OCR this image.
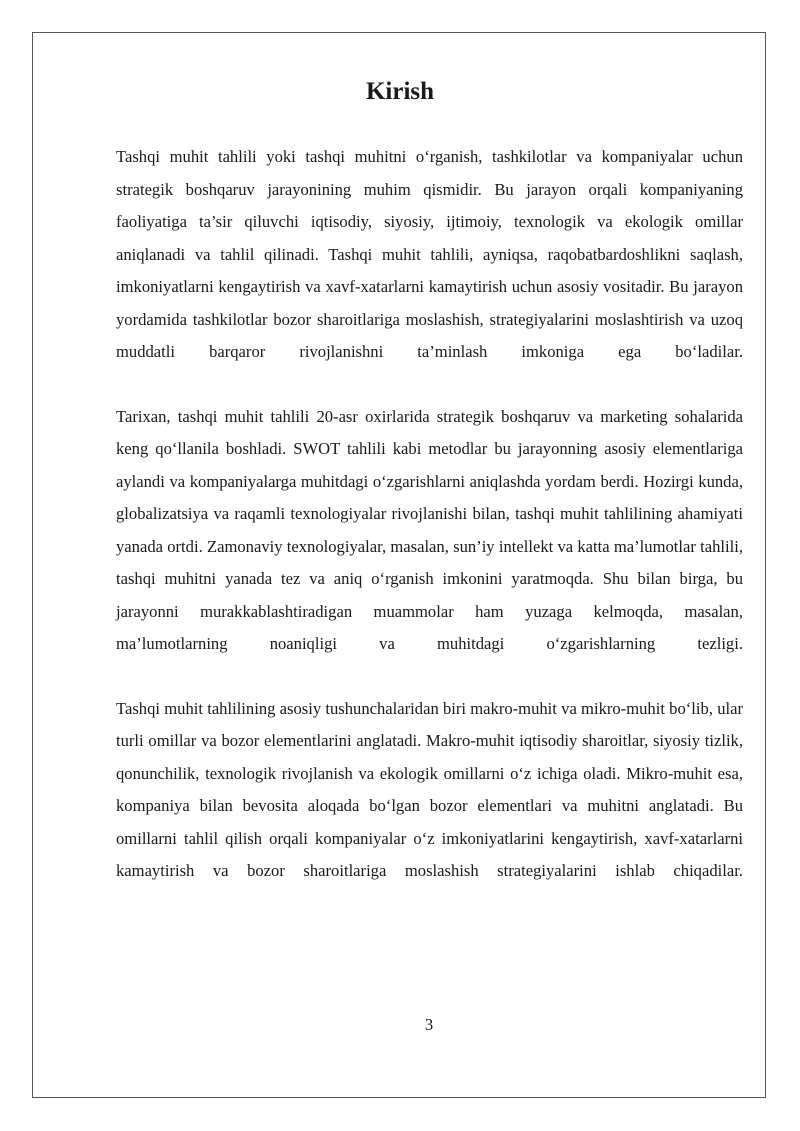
Kirish

Tashqi muhit tahlili yoki tashqi muhitni o‘rganish, tashkilotlar va kompaniyalar uchun strategik boshqaruv jarayonining muhim qismidir. Bu jarayon orqali kompaniyaning faoliyatiga ta’sir qiluvchi iqtisodiy, siyosiy, ijtimoiy, texnologik va ekologik omillar aniqlanadi va tahlil qilinadi. Tashqi muhit tahlili, ayniqsa, raqobatbardoshlikni saqlash, imkoniyatlarni kengaytirish va xavf-xatarlarni kamaytirish uchun asosiy vositadir. Bu jarayon yordamida tashkilotlar bozor sharoitlariga moslashish, strategiyalarini moslashtirish va uzoq muddatli barqaror rivojlanishni ta’minlash imkoniga ega bo‘ladilar.

Tarixan, tashqi muhit tahlili 20-asr oxirlarida strategik boshqaruv va marketing sohalarida keng qo‘llanila boshladi. SWOT tahlili kabi metodlar bu jarayonning asosiy elementlariga aylandi va kompaniyalarga muhitdagi o‘zgarishlarni aniqlashda yordam berdi. Hozirgi kunda, globalizatsiya va raqamli texnologiyalar rivojlanishi bilan, tashqi muhit tahlilining ahamiyati yanada ortdi. Zamonaviy texnologiyalar, masalan, sun’iy intellekt va katta ma’lumotlar tahlili, tashqi muhitni yanada tez va aniq o‘rganish imkonini yaratmoqda. Shu bilan birga, bu jarayonni murakkablashtiradigan muammolar ham yuzaga kelmoqda, masalan, ma’lumotlarning noaniqligi va muhitdagi o‘zgarishlarning tezligi.

Tashqi muhit tahlilining asosiy tushunchalaridan biri makro-muhit va mikro-muhit bo‘lib, ular turli omillar va bozor elementlarini anglatadi. Makro-muhit iqtisodiy sharoitlar, siyosiy tizlik, qonunchilik, texnologik rivojlanish va ekologik omillarni o‘z ichiga oladi. Mikro-muhit esa, kompaniya bilan bevosita aloqada bo‘lgan bozor elementlari va muhitni anglatadi. Bu omillarni tahlil qilish orqali kompaniyalar o‘z imkoniyatlarini kengaytirish, xavf-xatarlarni kamaytirish va bozor sharoitlariga moslashish strategiyalarini ishlab chiqadilar.

3
